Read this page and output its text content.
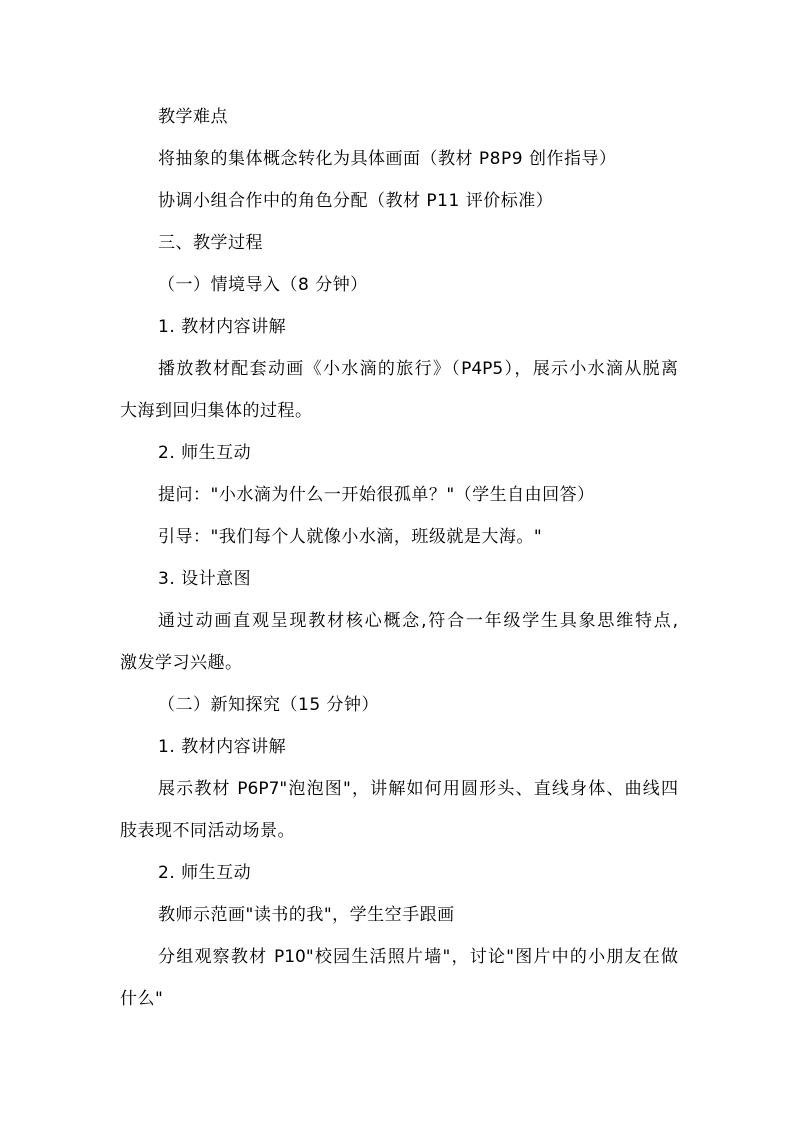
教学难点
将抽象的集体概念转化为具体画面（教材 P8P9 创作指导）
协调小组合作中的角色分配（教材 P11 评价标准）
三、教学过程
（一）情境导入（8 分钟）
1. 教材内容讲解
播放教材配套动画《小水滴的旅行》（P4P5），展示小水滴从脱离
大海到回归集体的过程。
2. 师生互动
提问："小水滴为什么一开始很孤单？"（学生自由回答）
引导："我们每个人就像小水滴，班级就是大海。"
3. 设计意图
通过动画直观呈现教材核心概念,符合一年级学生具象思维特点,
激发学习兴趣。
（二）新知探究（15 分钟）
1. 教材内容讲解
展示教材 P6P7"泡泡图"，讲解如何用圆形头、直线身体、曲线四
肢表现不同活动场景。
2. 师生互动
教师示范画"读书的我"，学生空手跟画
分组观察教材 P10"校园生活照片墙"，讨论"图片中的小朋友在做
什么"
